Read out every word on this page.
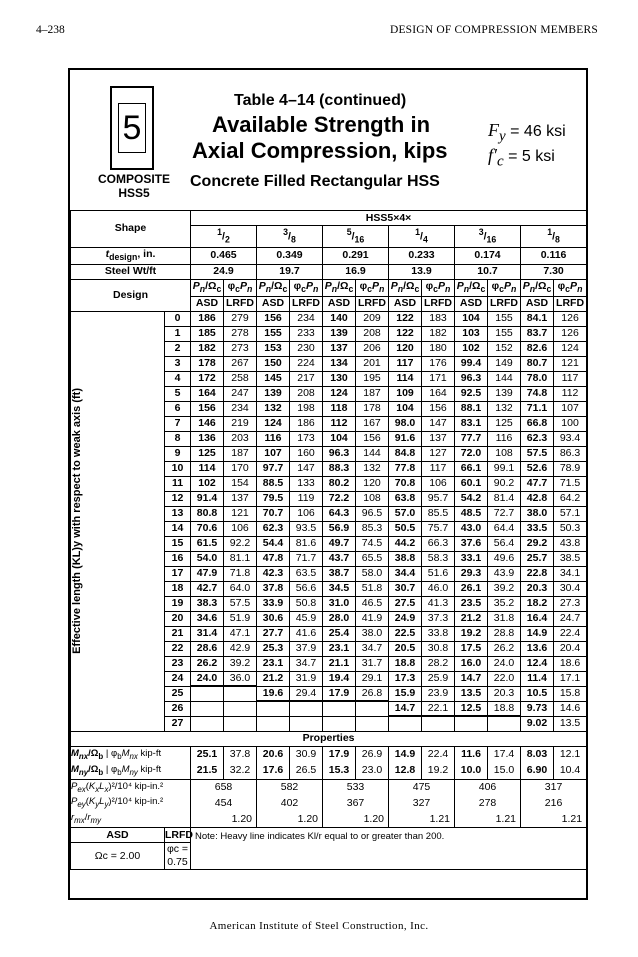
4–238	DESIGN OF COMPRESSION MEMBERS
5
COMPOSITE
HSS5
Table 4–14 (continued)
Available Strength in
Axial Compression, kips
Concrete Filled Rectangular HSS
$F_y = 46$ ksi
$f'_c = 5$ ksi
Shape		HSS5×4×											
		$^1/_2$		$^3/_8$		$^5/_{16}$		$^1/_4$		$^3/_{16}$		$^1/_8$
$t_{design}$, in.		0.465		0.349		0.291		0.233		0.174		0.116	
Steel Wt/ft		24.9		19.7		16.9		13.9		10.7		7.30	
Design		$P_n/\Omega_c$	$\varphi_cP_n$	$P_n/\Omega_c$	$\varphi_cP_n$	$P_n/\Omega_c$	$\varphi_cP_n$	$P_n/\Omega_c$	$\varphi_cP_n$	$P_n/\Omega_c$	$\varphi_cP_n$	$P_n/\Omega_c$	$\varphi_cP_n$
		ASD	LRFD	ASD	LRFD	ASD	LRFD	ASD	LRFD	ASD	LRFD	ASD	LRFD

Effective length (KL)y with respect to weak axis (ft)	0	186	279	156	234	140	209	122	183	104	155	84.1	126
	1	185	278	155	233	139	208	122	182	103	155	83.7	126
	2	182	273	153	230	137	206	120	180	102	152	82.6	124
	3	178	267	150	224	134	201	117	176	99.4	149	80.7	121
	4	172	258	145	217	130	195	114	171	96.3	144	78.0	117
	5	164	247	139	208	124	187	109	164	92.5	139	74.8	112
	6	156	234	132	198	118	178	104	156	88.1	132	71.1	107
	7	146	219	124	186	112	167	98.0	147	83.1	125	66.8	100
	8	136	203	116	173	104	156	91.6	137	77.7	116	62.3	93.4
	9	125	187	107	160	96.3	144	84.8	127	72.0	108	57.5	86.3
	10	114	170	97.7	147	88.3	132	77.8	117	66.1	99.1	52.6	78.9
	11	102	154	88.5	133	80.2	120	70.8	106	60.1	90.2	47.7	71.5
	12	91.4	137	79.5	119	72.2	108	63.8	95.7	54.2	81.4	42.8	64.2
	13	80.8	121	70.7	106	64.3	96.5	57.0	85.5	48.5	72.7	38.0	57.1
	14	70.6	106	62.3	93.5	56.9	85.3	50.5	75.7	43.0	64.4	33.5	50.3
	15	61.5	92.2	54.4	81.6	49.7	74.5	44.2	66.3	37.6	56.4	29.2	43.8
	16	54.0	81.1	47.8	71.7	43.7	65.5	38.8	58.3	33.1	49.6	25.7	38.5
	17	47.9	71.8	42.3	63.5	38.7	58.0	34.4	51.6	29.3	43.9	22.8	34.1
	18	42.7	64.0	37.8	56.6	34.5	51.8	30.7	46.0	26.1	39.2	20.3	30.4
	19	38.3	57.5	33.9	50.8	31.0	46.5	27.5	41.3	23.5	35.2	18.2	27.3
	20	34.6	51.9	30.6	45.9	28.0	41.9	24.9	37.3	21.2	31.8	16.4	24.7
	21	31.4	47.1	27.7	41.6	25.4	38.0	22.5	33.8	19.2	28.8	14.9	22.4
	22	28.6	42.9	25.3	37.9	23.1	34.7	20.5	30.8	17.5	26.2	13.6	20.4
	23	26.2	39.2	23.1	34.7	21.1	31.7	18.8	28.2	16.0	24.0	12.4	18.6
	24	24.0	36.0	21.2	31.9	19.4	29.1	17.3	25.9	14.7	22.0	11.4	17.1
	25			19.6	29.4	17.9	26.8	15.9	23.9	13.5	20.3	10.5	15.8
	26							14.7	22.1	12.5	18.8	9.73	14.6
	27											9.02	13.5
Properties													
$M_{nx}/\Omega_b$ | $\varphi_bM_{nx}$ kip-ft		25.1	37.8	20.6	30.9	17.9	26.9	14.9	22.4	11.6	17.4	8.03	12.1
$M_{ny}/\Omega_b$ | $\varphi_bM_{ny}$ kip-ft		21.5	32.2	17.6	26.5	15.3	23.0	12.8	19.2	10.0	15.0	6.90	10.4
$P_{ex}(K_xL_x)^2/10^4$ kip-in.²		658		582		533		475		406		317	
$P_{ey}(K_yL_y)^2/10^4$ kip-in.²		454		402		367		327		278		216	
$r_{mx}/r_{my}$		1.20		1.20		1.20		1.21		1.21		1.21	
ASD	LRFD	Note: Heavy line indicates Kl/r equal to or greater than 200.											
Ωc = 2.00	φc = 0.75												
American Institute of Steel Construction, Inc.
